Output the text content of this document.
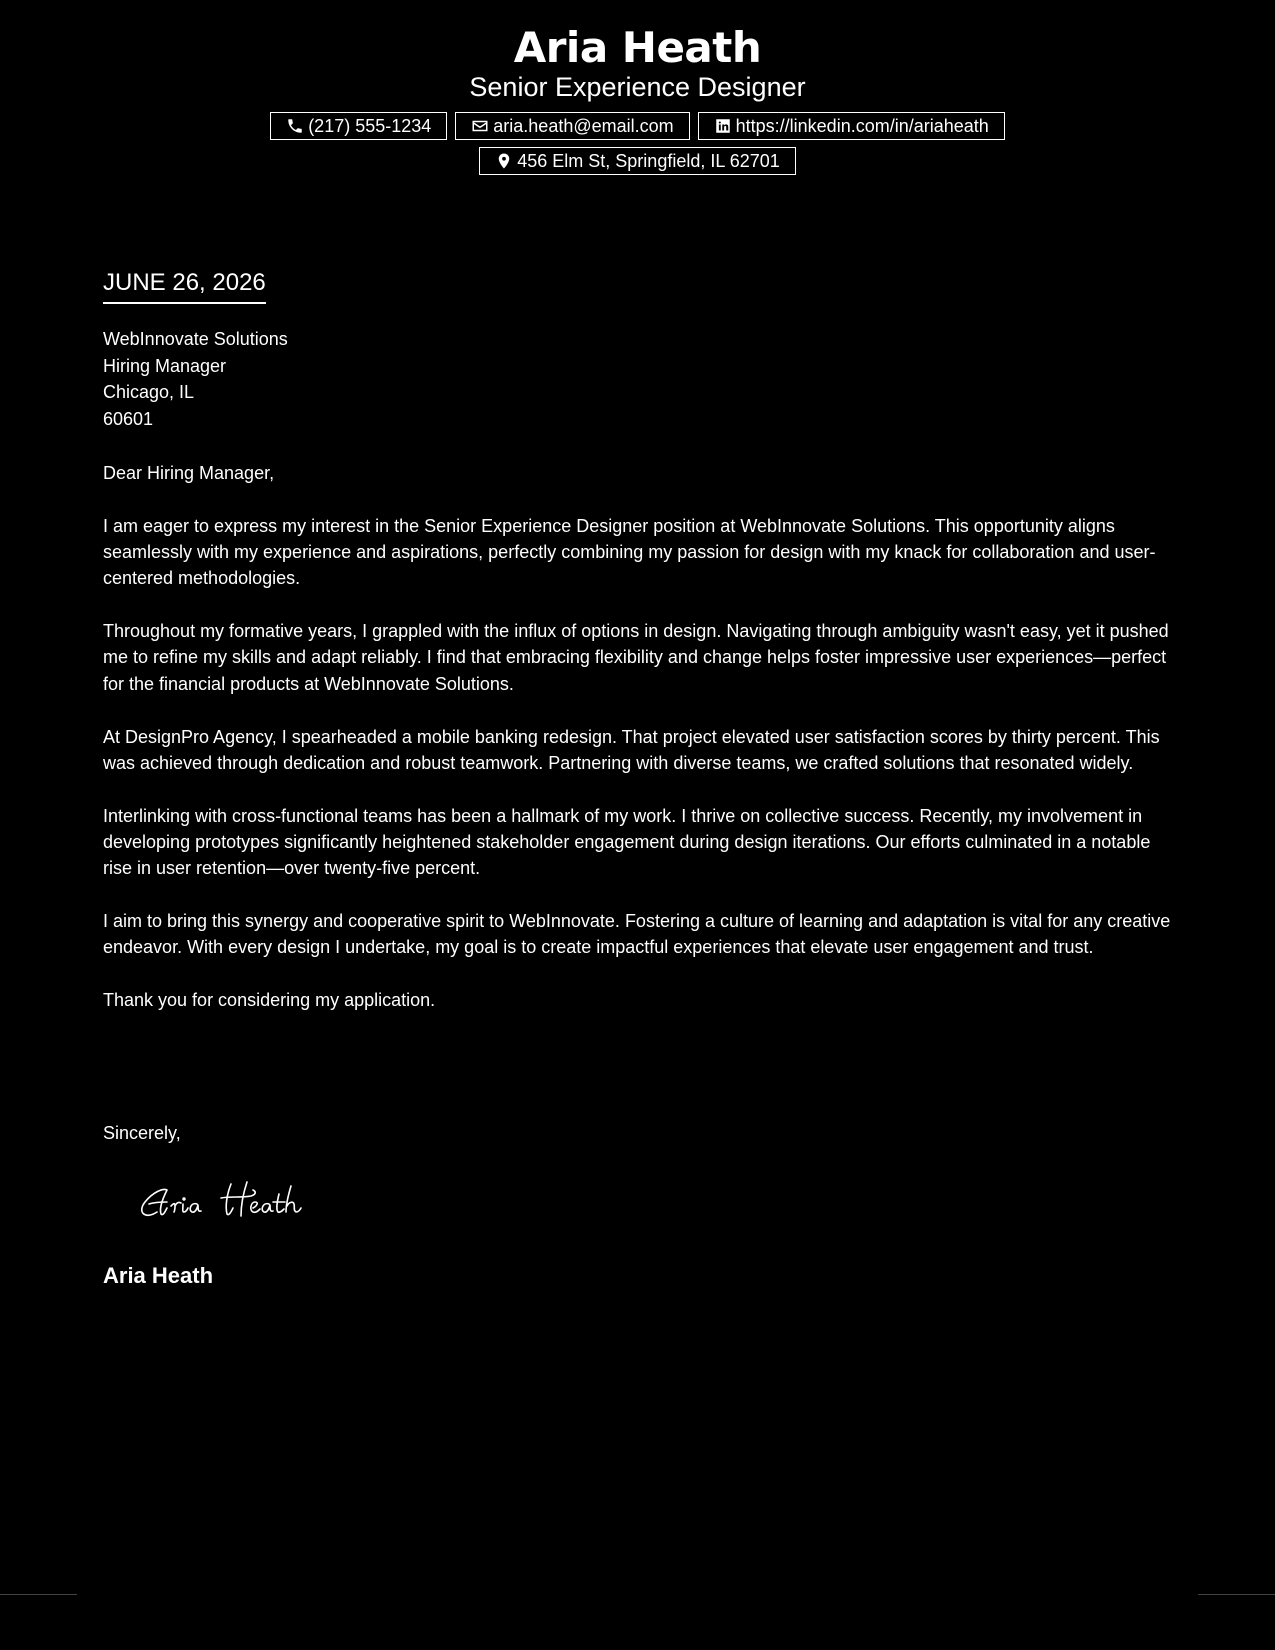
Aria Heath
Senior Experience Designer
(217) 555-1234	aria.heath@email.com	https://linkedin.com/in/ariaheath
456 Elm St, Springfield, IL 62701
JUNE 26, 2026
WebInnovate Solutions
Hiring Manager
Chicago, IL
60601

Dear Hiring Manager,

I am eager to express my interest in the Senior Experience Designer position at WebInnovate Solutions. This opportunity aligns seamlessly with my experience and aspirations, perfectly combining my passion for design with my knack for collaboration and user-centered methodologies.

Throughout my formative years, I grappled with the influx of options in design. Navigating through ambiguity wasn't easy, yet it pushed me to refine my skills and adapt reliably. I find that embracing flexibility and change helps foster impressive user experiences—perfect for the financial products at WebInnovate Solutions.

At DesignPro Agency, I spearheaded a mobile banking redesign. That project elevated user satisfaction scores by thirty percent. This was achieved through dedication and robust teamwork. Partnering with diverse teams, we crafted solutions that resonated widely.

Interlinking with cross-functional teams has been a hallmark of my work. I thrive on collective success. Recently, my involvement in developing prototypes significantly heightened stakeholder engagement during design iterations. Our efforts culminated in a notable rise in user retention—over twenty-five percent.

I aim to bring this synergy and cooperative spirit to WebInnovate. Fostering a culture of learning and adaptation is vital for any creative endeavor. With every design I undertake, my goal is to create impactful experiences that elevate user engagement and trust.

Thank you for considering my application.

Sincerely,
Aria Heath
